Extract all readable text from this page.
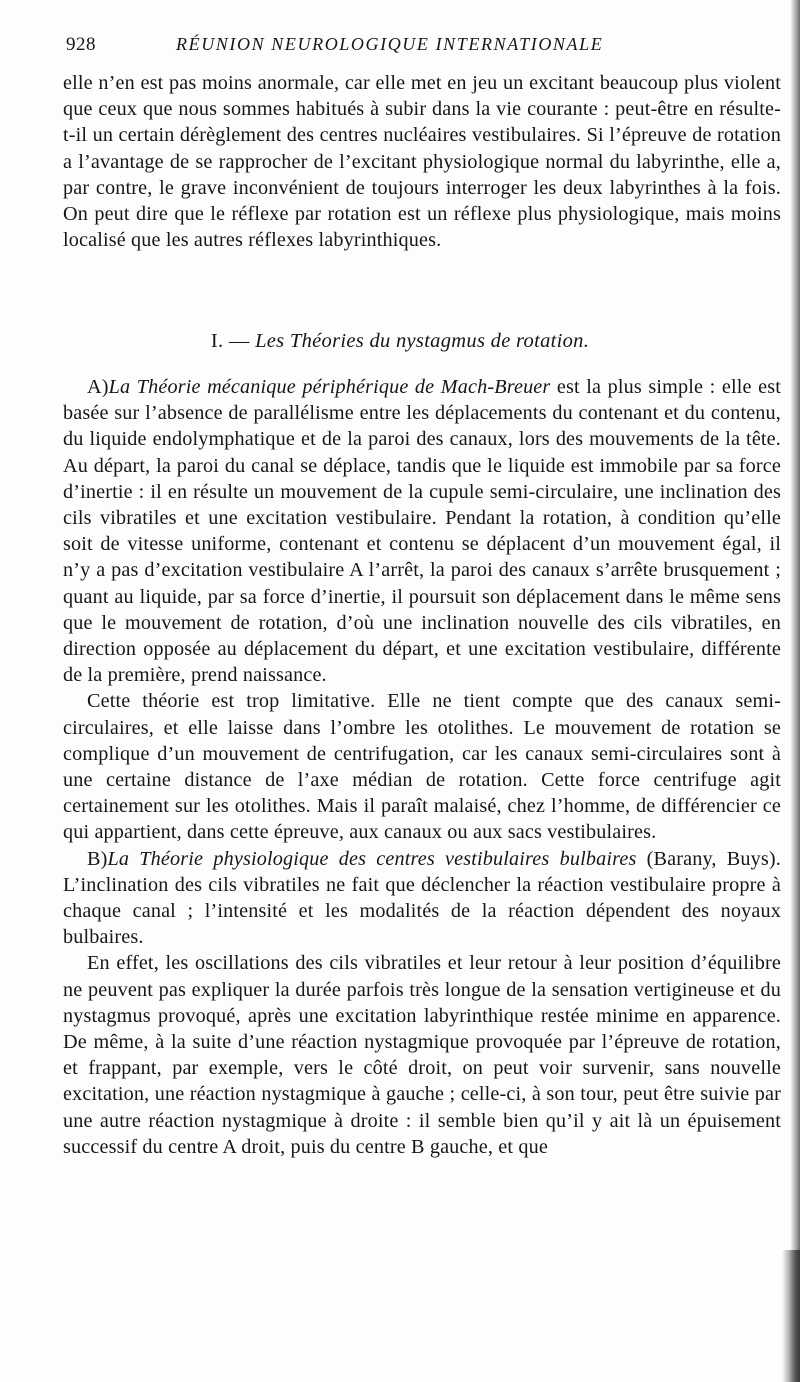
928	RÉUNION NEUROLOGIQUE INTERNATIONALE

elle n’en est pas moins anormale, car elle met en jeu un excitant beaucoup plus violent que ceux que nous sommes habitués à subir dans la vie courante : peut-être en résulte-t-il un certain dérèglement des centres nucléaires vestibulaires. Si l’épreuve de rotation a l’avantage de se rapprocher de l’excitant physiologique normal du labyrinthe, elle a, par contre, le grave inconvénient de toujours interroger les deux labyrinthes à la fois. On peut dire que le réflexe par rotation est un réflexe plus physiologique, mais moins localisé que les autres réflexes labyrinthiques.

I. — Les Théories du nystagmus de rotation.

A)La Théorie mécanique périphérique de Mach-Breuer est la plus simple : elle est basée sur l’absence de parallélisme entre les déplacements du contenant et du contenu, du liquide endolymphatique et de la paroi des canaux, lors des mouvements de la tête. Au départ, la paroi du canal se déplace, tandis que le liquide est immobile par sa force d’inertie : il en résulte un mouvement de la cupule semi-circulaire, une inclination des cils vibratiles et une excitation vestibulaire. Pendant la rotation, à condition qu’elle soit de vitesse uniforme, contenant et contenu se déplacent d’un mouvement égal, il n’y a pas d’excitation vestibulaire A l’arrêt, la paroi des canaux s’arrête brusquement ; quant au liquide, par sa force d’inertie, il poursuit son déplacement dans le même sens que le mouvement de rotation, d’où une inclination nouvelle des cils vibratiles, en direction opposée au déplacement du départ, et une excitation vestibulaire, différente de la première, prend naissance.

Cette théorie est trop limitative. Elle ne tient compte que des canaux semi-circulaires, et elle laisse dans l’ombre les otolithes. Le mouvement de rotation se complique d’un mouvement de centrifugation, car les canaux semi-circulaires sont à une certaine distance de l’axe médian de rotation. Cette force centrifuge agit certainement sur les otolithes. Mais il paraît malaisé, chez l’homme, de différencier ce qui appartient, dans cette épreuve, aux canaux ou aux sacs vestibulaires.

B)La Théorie physiologique des centres vestibulaires bulbaires (Barany, Buys). L’inclination des cils vibratiles ne fait que déclencher la réaction vestibulaire propre à chaque canal ; l’intensité et les modalités de la réaction dépendent des noyaux bulbaires.

En effet, les oscillations des cils vibratiles et leur retour à leur position d’équilibre ne peuvent pas expliquer la durée parfois très longue de la sensation vertigineuse et du nystagmus provoqué, après une excitation labyrinthique restée minime en apparence. De même, à la suite d’une réaction nystagmique provoquée par l’épreuve de rotation, et frappant, par exemple, vers le côté droit, on peut voir survenir, sans nouvelle excitation, une réaction nystagmique à gauche ; celle-ci, à son tour, peut être suivie par une autre réaction nystagmique à droite : il semble bien qu’il y ait là un épuisement successif du centre A droit, puis du centre B gauche, et que
